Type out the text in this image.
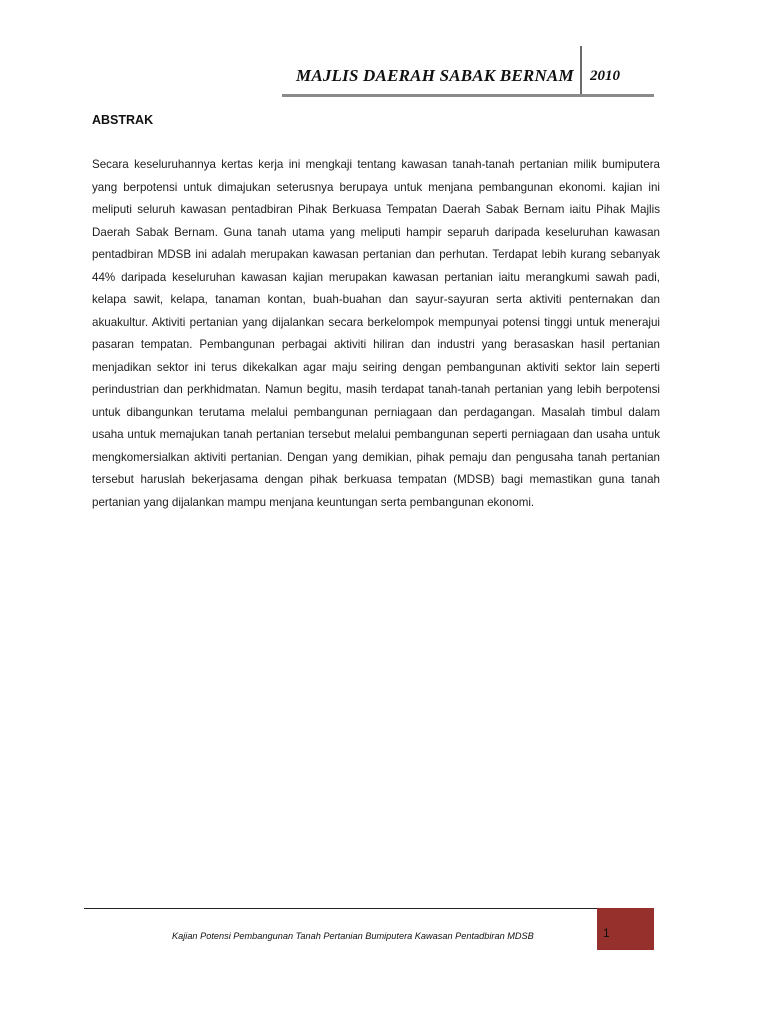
MAJLIS DAERAH SABAK BERNAM 2010
ABSTRAK
Secara keseluruhannya kertas kerja ini mengkaji tentang kawasan tanah-tanah pertanian milik bumiputera yang berpotensi untuk dimajukan seterusnya berupaya untuk menjana pembangunan ekonomi. kajian ini meliputi seluruh kawasan pentadbiran Pihak Berkuasa Tempatan Daerah Sabak Bernam iaitu Pihak Majlis Daerah Sabak Bernam. Guna tanah utama yang meliputi hampir separuh daripada keseluruhan kawasan pentadbiran MDSB ini adalah merupakan kawasan pertanian dan perhutan. Terdapat lebih kurang sebanyak 44% daripada keseluruhan kawasan kajian merupakan kawasan pertanian iaitu merangkumi sawah padi, kelapa sawit, kelapa, tanaman kontan, buah-buahan dan sayur-sayuran serta aktiviti penternakan dan akuakultur. Aktiviti pertanian yang dijalankan secara berkelompok mempunyai potensi tinggi untuk menerajui pasaran tempatan. Pembangunan perbagai aktiviti hiliran dan industri yang berasaskan hasil pertanian menjadikan sektor ini terus dikekalkan agar maju seiring dengan pembangunan aktiviti sektor lain seperti perindustrian dan perkhidmatan. Namun begitu, masih terdapat tanah-tanah pertanian yang lebih berpotensi untuk dibangunkan terutama melalui pembangunan perniagaan dan perdagangan. Masalah timbul dalam usaha untuk memajukan tanah pertanian tersebut melalui pembangunan seperti perniagaan dan usaha untuk mengkomersialkan aktiviti pertanian. Dengan yang demikian, pihak pemaju dan pengusaha tanah pertanian tersebut haruslah bekerjasama dengan pihak berkuasa tempatan (MDSB) bagi memastikan guna tanah pertanian yang dijalankan mampu menjana keuntungan serta pembangunan ekonomi.
Kajian Potensi Pembangunan Tanah Pertanian Bumiputera Kawasan Pentadbiran MDSB	1
